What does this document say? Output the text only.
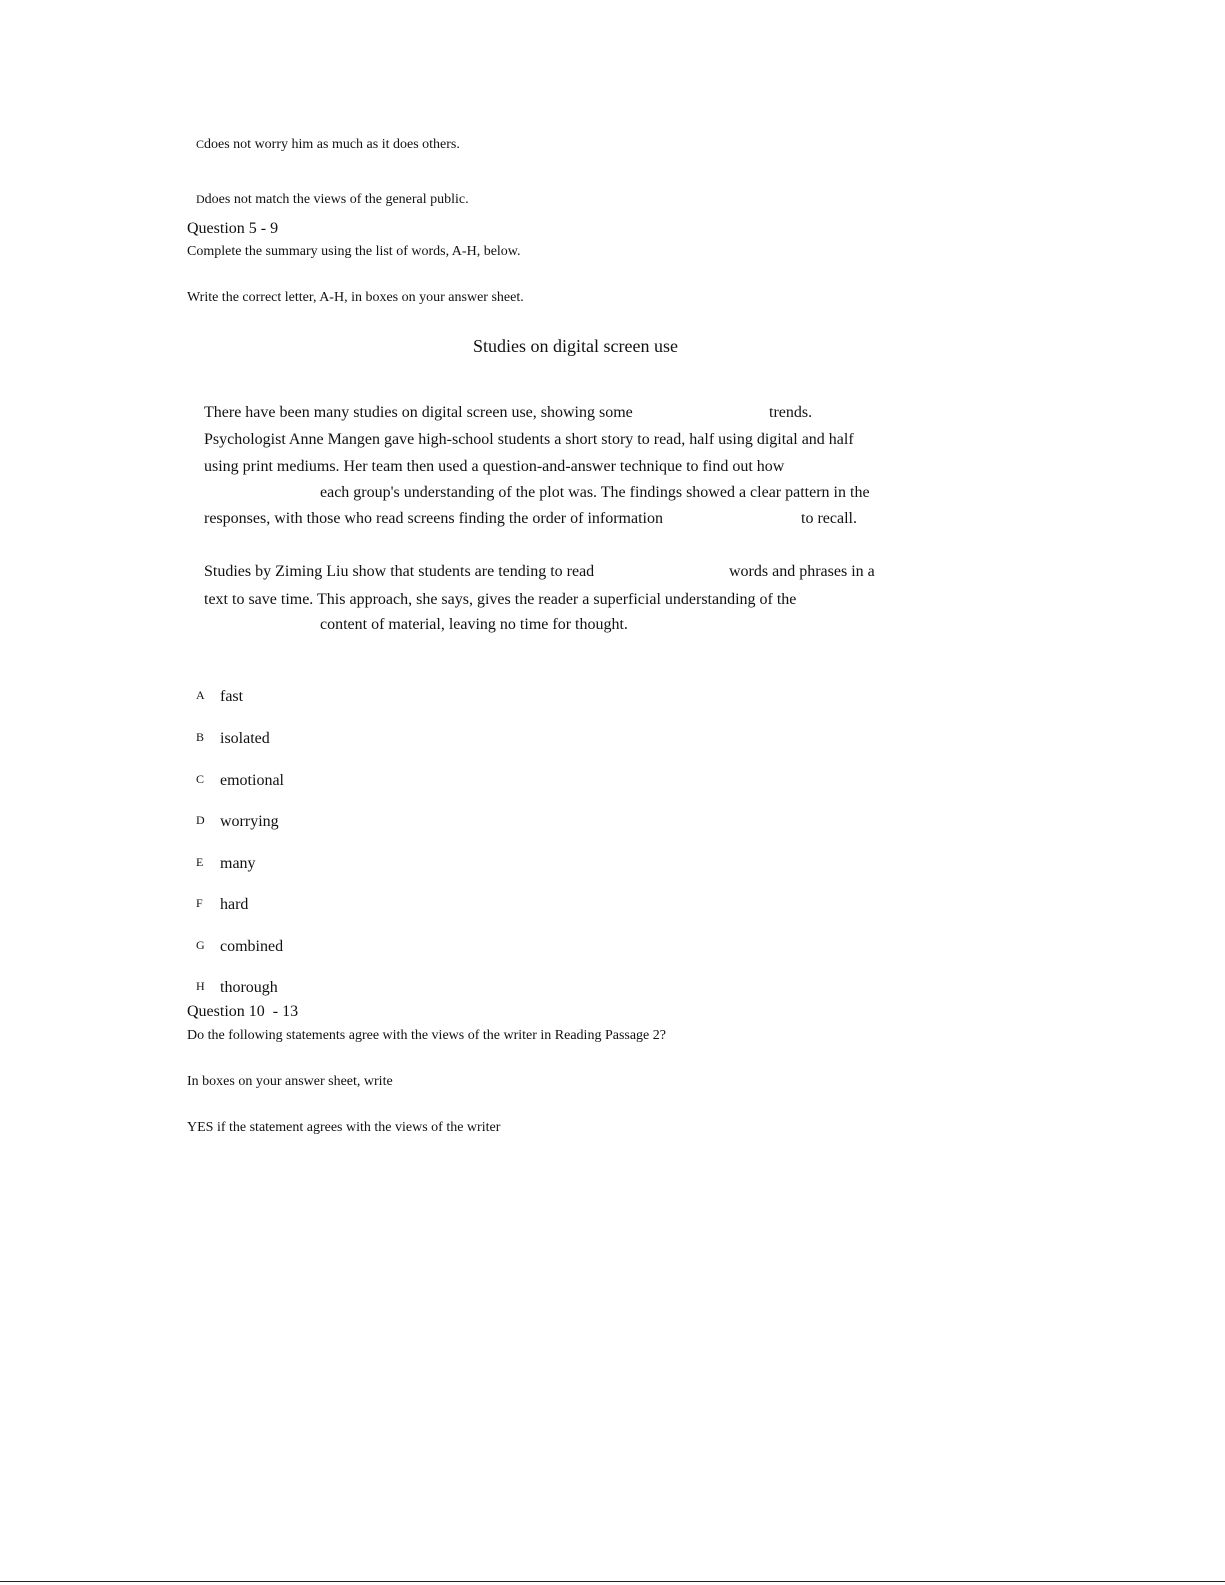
Cdoes not worry him as much as it does others.
Ddoes not match the views of the general public.
Question 5 - 9
Complete the summary using the list of words, A-H, below.
Write the correct letter, A-H, in boxes on your answer sheet.
Studies on digital screen use
There have been many studies on digital screen use, showing some	trends.
Psychologist Anne Mangen gave high-school students a short story to read, half using digital and half
using print mediums. Her team then used a question-and-answer technique to find out how
each group's understanding of the plot was. The findings showed a clear pattern in the
responses, with those who read screens finding the order of information	to recall.
Studies by Ziming Liu show that students are tending to read	words and phrases in a
text to save time. This approach, she says, gives the reader a superficial understanding of the
content of material, leaving no time for thought.
A fast
B isolated
C emotional
D worrying
E many
F hard
G combined
H thorough
Question 10  - 13
Do the following statements agree with the views of the writer in Reading Passage 2?
In boxes on your answer sheet, write
YES if the statement agrees with the views of the writer
